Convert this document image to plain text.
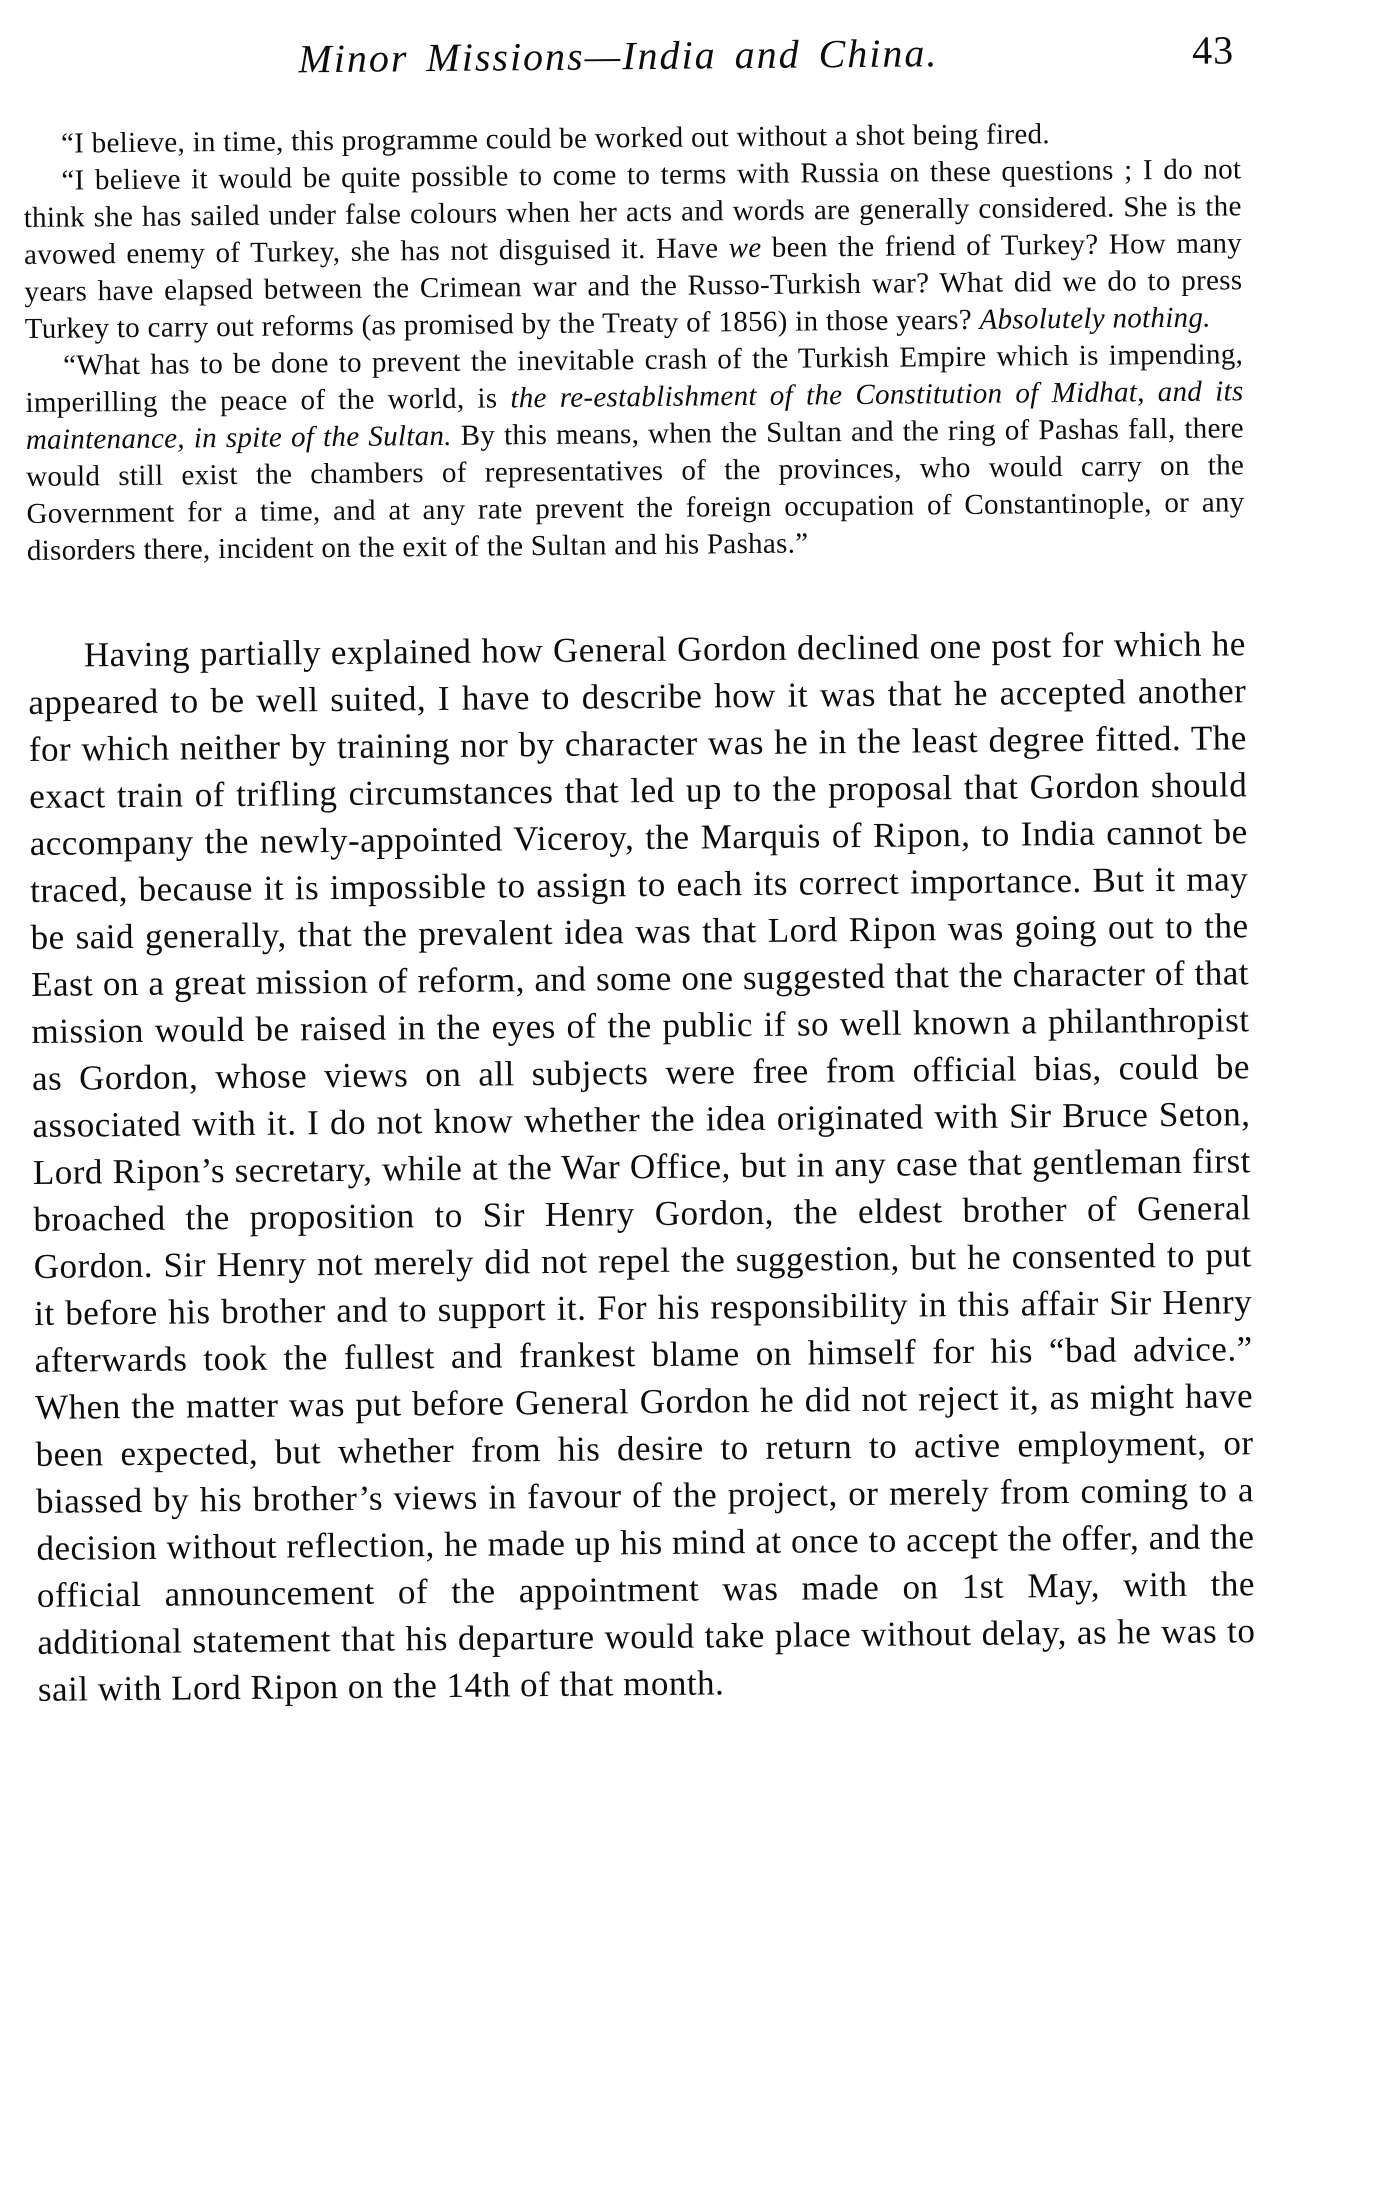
Minor Missions—India and China.	43

“I believe, in time, this programme could be worked out without a shot being fired.

“I believe it would be quite possible to come to terms with Russia on these questions ; I do not think she has sailed under false colours when her acts and words are generally considered. She is the avowed enemy of Turkey, she has not disguised it. Have we been the friend of Turkey? How many years have elapsed between the Crimean war and the Russo-Turkish war? What did we do to press Turkey to carry out reforms (as promised by the Treaty of 1856) in those years? Absolutely nothing.

“What has to be done to prevent the inevitable crash of the Turkish Empire which is impending, imperilling the peace of the world, is the re-establishment of the Constitution of Midhat, and its maintenance, in spite of the Sultan. By this means, when the Sultan and the ring of Pashas fall, there would still exist the chambers of representatives of the provinces, who would carry on the Government for a time, and at any rate prevent the foreign occupation of Constantinople, or any disorders there, incident on the exit of the Sultan and his Pashas.”

Having partially explained how General Gordon declined one post for which he appeared to be well suited, I have to describe how it was that he accepted another for which neither by training nor by character was he in the least degree fitted. The exact train of trifling circumstances that led up to the proposal that Gordon should accompany the newly-appointed Viceroy, the Marquis of Ripon, to India cannot be traced, because it is impossible to assign to each its correct importance. But it may be said generally, that the prevalent idea was that Lord Ripon was going out to the East on a great mission of reform, and some one suggested that the character of that mission would be raised in the eyes of the public if so well known a philanthropist as Gordon, whose views on all subjects were free from official bias, could be associated with it. I do not know whether the idea originated with Sir Bruce Seton, Lord Ripon’s secretary, while at the War Office, but in any case that gentleman first broached the proposition to Sir Henry Gordon, the eldest brother of General Gordon. Sir Henry not merely did not repel the suggestion, but he consented to put it before his brother and to support it. For his responsibility in this affair Sir Henry afterwards took the fullest and frankest blame on himself for his “bad advice.” When the matter was put before General Gordon he did not reject it, as might have been expected, but whether from his desire to return to active employment, or biassed by his brother’s views in favour of the project, or merely from coming to a decision without reflection, he made up his mind at once to accept the offer, and the official announcement of the appointment was made on 1st May, with the additional statement that his departure would take place without delay, as he was to sail with Lord Ripon on the 14th of that month.
